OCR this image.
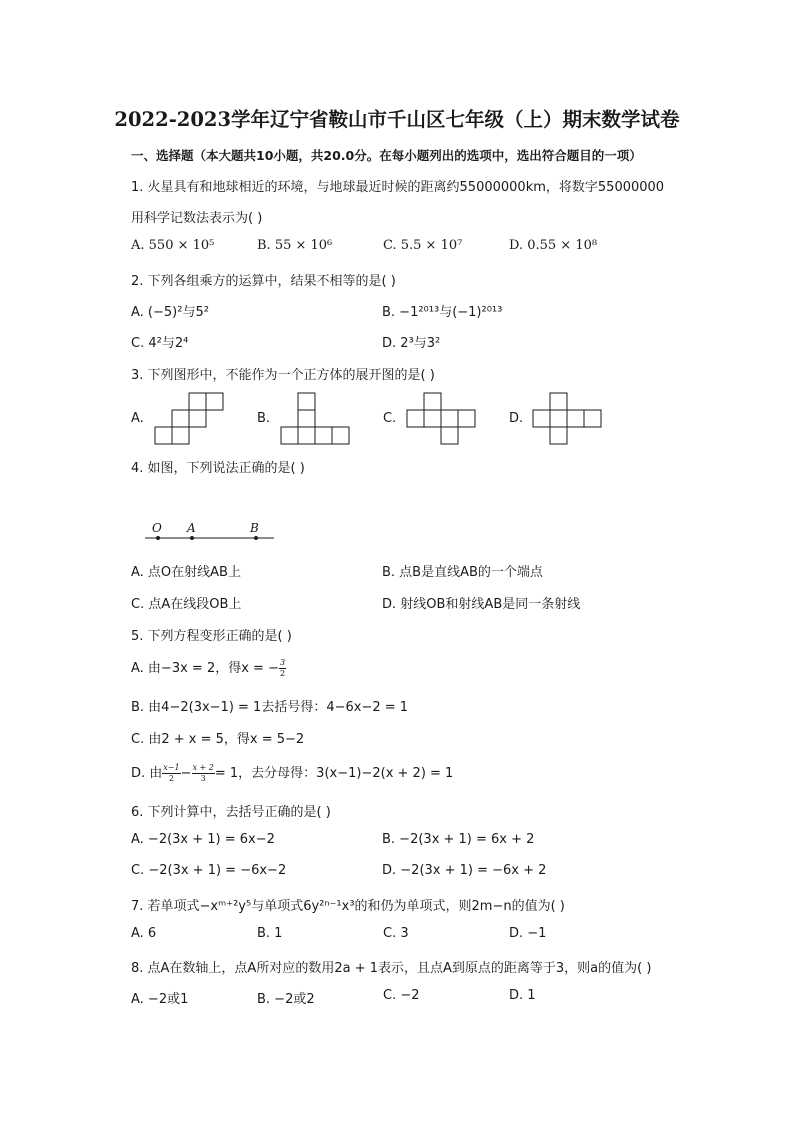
2022-2023学年辽宁省鞍山市千山区七年级（上）期末数学试卷
一、选择题（本大题共10小题，共20.0分。在每小题列出的选项中，选出符合题目的一项）
1. 火星具有和地球相近的环境，与地球最近时候的距离约55000000km，将数字55000000
用科学记数法表示为( )
A. 550 × 10⁵	B. 55 × 10⁶	C. 5.5 × 10⁷	D. 0.55 × 10⁸
2. 下列各组乘方的运算中，结果不相等的是( )
A. (−5)²与5²	B. −1²⁰¹³与(−1)²⁰¹³
C. 4²与2⁴	D. 2³与3²
3. 下列图形中，不能作为一个正方体的展开图的是( )
A.	B.	C.	D.
4. 如图，下列说法正确的是( )
O A	B
A. 点O在射线AB上	B. 点B是直线AB的一个端点
C. 点A在线段OB上	D. 射线OB和射线AB是同一条射线
5. 下列方程变形正确的是( )
A. 由−3x = 2，得x = − $\frac{3}{2}$
B. 由4−2(3x−1) = 1去括号得：4−6x−2 = 1
C. 由2 + x = 5，得x = 5−2
D. 由 $\frac{x-1}{2} - \frac{x + 2}{3} = 1$，去分母得：3(x−1)−2(x + 2) = 1
6. 下列计算中，去括号正确的是( )
A. −2(3x + 1) = 6x−2	B. −2(3x + 1) = 6x + 2
C. −2(3x + 1) = −6x−2	D. −2(3x + 1) = −6x + 2
7. 若单项式−xᵐ⁺²y⁵与单项式6y²ⁿ⁻¹x³的和仍为单项式，则2m−n的值为( )
A. 6	B. 1	C. 3	D. −1
8. 点A在数轴上，点A所对应的数用2a + 1表示，且点A到原点的距离等于3，则a的值为( )
A. −2或1	B. −2或2	C. −2	D. 1
